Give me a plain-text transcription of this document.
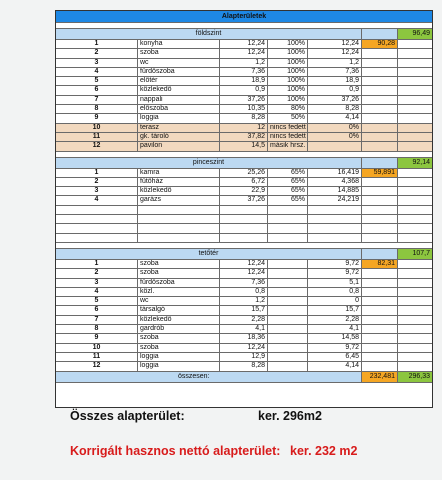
Alapterületek
földszint	96,49
1	konyha	12,24	100%	12,24	90,28
2	szoba	12,24	100%	12,24
3	wc	1,2	100%	1,2
4	fürdőszoba	7,36	100%	7,36
5	előtér	18,9	100%	18,9
6	közlekedő	0,9	100%	0,9
7	nappali	37,26	100%	37,26
8	előszoba	10,35	80%	8,28
9	loggia	8,28	50%	4,14
10	terasz	12 nincs fedett	0%
11	gk. tároló	37,82 nincs fedett	0%
12	pavilon	14,5 másik hrsz.
pinceszint	92,14
1	kamra	25,26	65%	16,419	59,891
2	fűtőház	6,72	65%	4,368
3	közlekedő	22,9	65%	14,885
4	garázs	37,26	65%	24,219
tetőtér	107,7
1	szoba	12,24	9,72	82,31
2	szoba	12,24	9,72
3	fürdőszoba	7,36	5,1
4	közl.	0,8	0,8
5	wc	1,2	0
6	társalgó	15,7	15,7
7	közlekedő	2,28	2,28
8	gardrób	4,1	4,1
9	szoba	18,36	14,58
10	szoba	12,24	9,72
11	loggia	12,9	6,45
12	loggia	8,28	4,14
összesen:	232,481	296,33
Összes alapterület:	ker. 296m2
Korrigált hasznos nettó alapterület: ker. 232 m2
